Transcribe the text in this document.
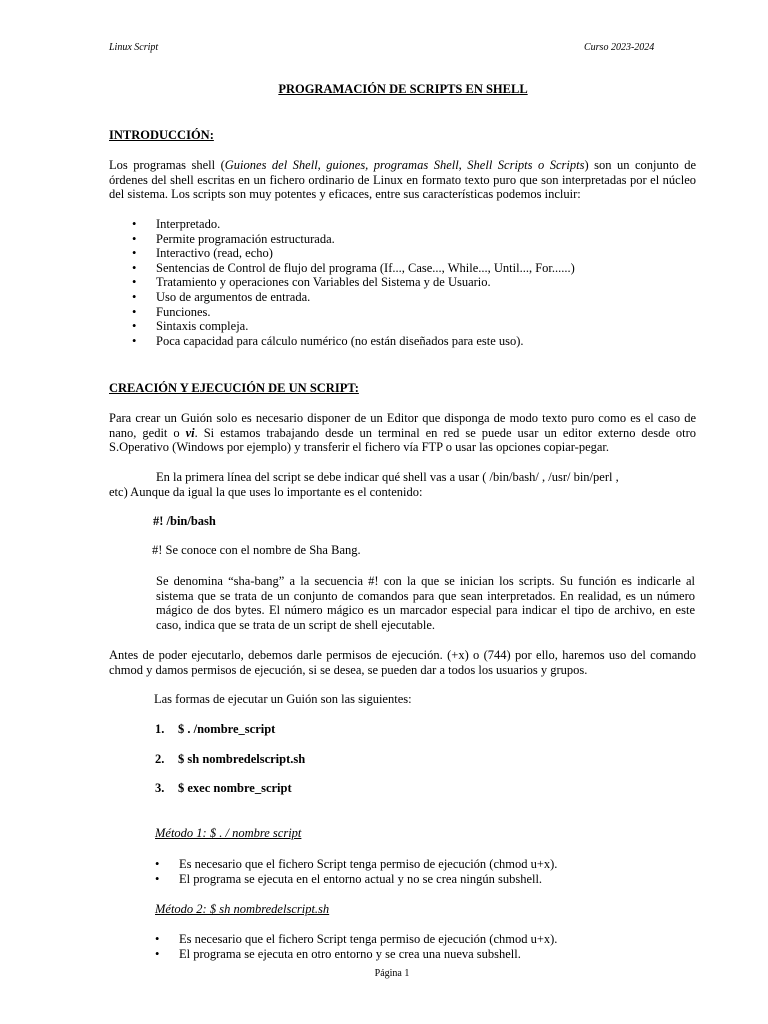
Linux Script	Curso 2023-2024
PROGRAMACIÓN DE SCRIPTS EN SHELL
INTRODUCCIÓN:
Los programas shell (Guiones del Shell, guiones, programas Shell, Shell Scripts o Scripts) son un conjunto de órdenes del shell escritas en un fichero ordinario de Linux en formato texto puro que son interpretadas por el núcleo del sistema. Los scripts son muy potentes y eficaces, entre sus características podemos incluir:
• Interpretado.
• Permite programación estructurada.
• Interactivo (read, echo)
• Sentencias de Control de flujo del programa (If..., Case..., While..., Until..., For......)
• Tratamiento y operaciones con Variables del Sistema y de Usuario.
• Uso de argumentos de entrada.
• Funciones.
• Sintaxis compleja.
• Poca capacidad para cálculo numérico (no están diseñados para este uso).
CREACIÓN Y EJECUCIÓN DE UN SCRIPT:
Para crear un Guión solo es necesario disponer de un Editor que disponga de modo texto puro como es el caso de nano, gedit o vi. Si estamos trabajando desde un terminal en red se puede usar un editor externo desde otro S.Operativo (Windows por ejemplo) y transferir el fichero vía FTP o usar las opciones copiar-pegar.
En la primera línea del script se debe indicar qué shell vas a usar ( /bin/bash/ , /usr/ bin/perl ,
etc) Aunque da igual la que uses lo importante es el contenido:
#! /bin/bash
#! Se conoce con el nombre de Sha Bang.
Se denomina “sha-bang” a la secuencia #! con la que se inician los scripts. Su función es indicarle al sistema que se trata de un conjunto de comandos para que sean interpretados. En realidad, es un número mágico de dos bytes. El número mágico es un marcador especial para indicar el tipo de archivo, en este caso, indica que se trata de un script de shell ejecutable.
Antes de poder ejecutarlo, debemos darle permisos de ejecución. (+x) o (744) por ello, haremos uso del comando chmod y damos permisos de ejecución, si se desea, se pueden dar a todos los usuarios y grupos.
Las formas de ejecutar un Guión son las siguientes:
1. $ . /nombre_script
2. $ sh nombredelscript.sh
3. $ exec nombre_script
Método 1: $ . / nombre script
• Es necesario que el fichero Script tenga permiso de ejecución (chmod u+x).
• El programa se ejecuta en el entorno actual y no se crea ningún subshell.
Método 2: $ sh nombredelscript.sh
• Es necesario que el fichero Script tenga permiso de ejecución (chmod u+x).
• El programa se ejecuta en otro entorno y se crea una nueva subshell.
Página 1
